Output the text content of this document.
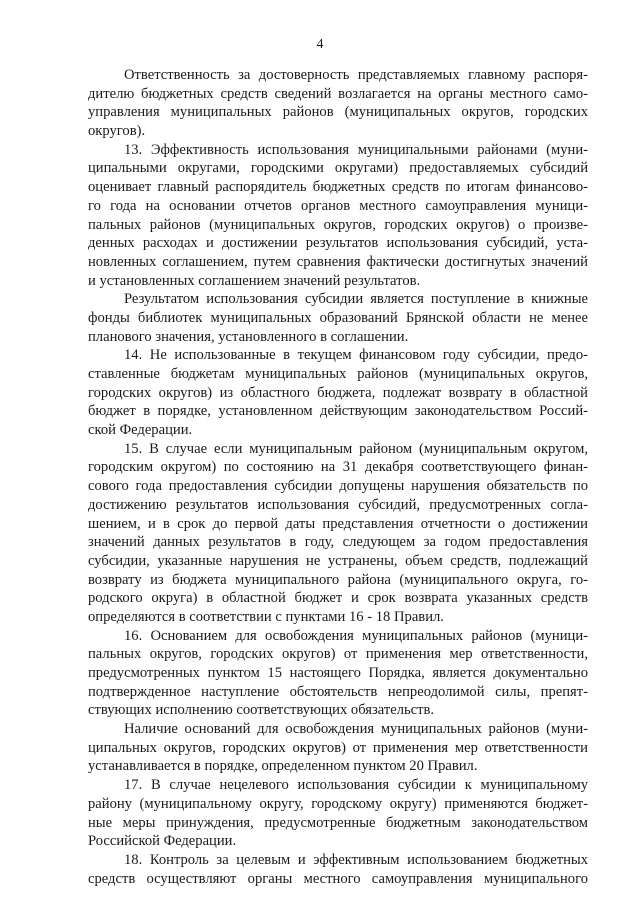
4
Ответственность за достоверность представляемых главному распоря-
дителю бюджетных средств сведений возлагается на органы местного само-
управления муниципальных районов (муниципальных округов, городских
округов).
13. Эффективность использования муниципальными районами (муни-
ципальными округами, городскими округами) предоставляемых субсидий
оценивает главный распорядитель бюджетных средств по итогам финансово-
го года на основании отчетов органов местного самоуправления муници-
пальных районов (муниципальных округов, городских округов) о произве-
денных расходах и достижении результатов использования субсидий, уста-
новленных соглашением, путем сравнения фактически достигнутых значений
и установленных соглашением значений результатов.
Результатом использования субсидии является поступление в книжные
фонды библиотек муниципальных образований Брянской области не менее
планового значения, установленного в соглашении.
14. Не использованные в текущем финансовом году субсидии, предо-
ставленные бюджетам муниципальных районов (муниципальных округов,
городских округов) из областного бюджета, подлежат возврату в областной
бюджет в порядке, установленном действующим законодательством Россий-
ской Федерации.
15. В случае если муниципальным районом (муниципальным округом,
городским округом) по состоянию на 31 декабря соответствующего финан-
сового года предоставления субсидии допущены нарушения обязательств по
достижению результатов использования субсидий, предусмотренных согла-
шением, и в срок до первой даты представления отчетности о достижении
значений данных результатов в году, следующем за годом предоставления
субсидии, указанные нарушения не устранены, объем средств, подлежащий
возврату из бюджета муниципального района (муниципального округа, го-
родского округа) в областной бюджет и срок возврата указанных средств
определяются в соответствии с пунктами 16 - 18 Правил.
16. Основанием для освобождения муниципальных районов (муници-
пальных округов, городских округов) от применения мер ответственности,
предусмотренных пунктом 15 настоящего Порядка, является документально
подтвержденное наступление обстоятельств непреодолимой силы, препят-
ствующих исполнению соответствующих обязательств.
Наличие оснований для освобождения муниципальных районов (муни-
ципальных округов, городских округов) от применения мер ответственности
устанавливается в порядке, определенном пунктом 20 Правил.
17. В случае нецелевого использования субсидии к муниципальному
району (муниципальному округу, городскому округу) применяются бюджет-
ные меры принуждения, предусмотренные бюджетным законодательством
Российской Федерации.
18. Контроль за целевым и эффективным использованием бюджетных
средств осуществляют органы местного самоуправления муниципального
